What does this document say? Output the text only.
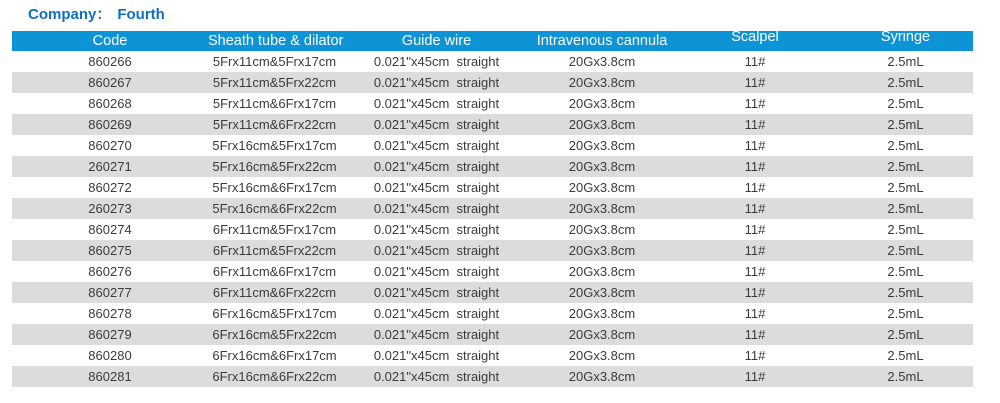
Company： Fourth
Code	Sheath tube & dilator	Guide wire	Intravenous cannula	Scalpel	Syringe
860266	5Frx11cm&5Frx17cm	0.021"x45cm  straight	20Gx3.8cm	11#	2.5mL
860267	5Frx11cm&5Frx22cm	0.021"x45cm  straight	20Gx3.8cm	11#	2.5mL
860268	5Frx11cm&6Frx17cm	0.021"x45cm  straight	20Gx3.8cm	11#	2.5mL
860269	5Frx11cm&6Frx22cm	0.021"x45cm  straight	20Gx3.8cm	11#	2.5mL
860270	5Frx16cm&5Frx17cm	0.021"x45cm  straight	20Gx3.8cm	11#	2.5mL
260271	5Frx16cm&5Frx22cm	0.021"x45cm  straight	20Gx3.8cm	11#	2.5mL
860272	5Frx16cm&6Frx17cm	0.021"x45cm  straight	20Gx3.8cm	11#	2.5mL
260273	5Frx16cm&6Frx22cm	0.021"x45cm  straight	20Gx3.8cm	11#	2.5mL
860274	6Frx11cm&5Frx17cm	0.021"x45cm  straight	20Gx3.8cm	11#	2.5mL
860275	6Frx11cm&5Frx22cm	0.021"x45cm  straight	20Gx3.8cm	11#	2.5mL
860276	6Frx11cm&6Frx17cm	0.021"x45cm  straight	20Gx3.8cm	11#	2.5mL
860277	6Frx11cm&6Frx22cm	0.021"x45cm  straight	20Gx3.8cm	11#	2.5mL
860278	6Frx16cm&5Frx17cm	0.021"x45cm  straight	20Gx3.8cm	11#	2.5mL
860279	6Frx16cm&5Frx22cm	0.021"x45cm  straight	20Gx3.8cm	11#	2.5mL
860280	6Frx16cm&6Frx17cm	0.021"x45cm  straight	20Gx3.8cm	11#	2.5mL
860281	6Frx16cm&6Frx22cm	0.021"x45cm  straight	20Gx3.8cm	11#	2.5mL
